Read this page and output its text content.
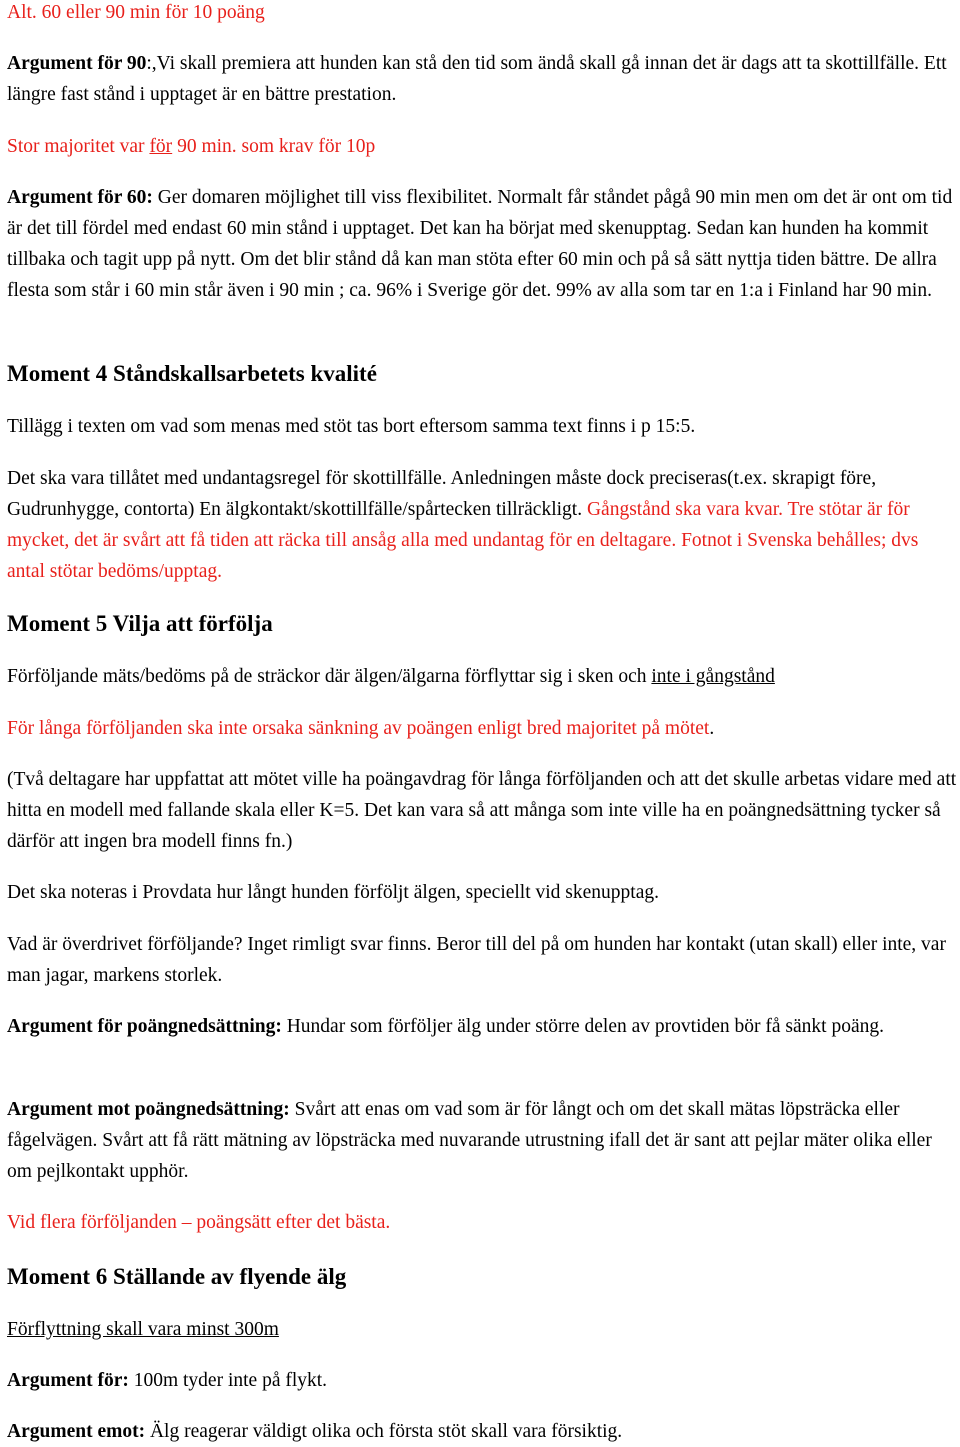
Alt. 60 eller 90 min för 10 poäng

Argument för 90:,Vi skall premiera att hunden kan stå den tid som ändå skall gå innan det är dags att ta skottillfälle. Ett längre fast stånd i upptaget är en bättre prestation.

Stor majoritet var för 90 min. som krav för 10p

Argument för 60: Ger domaren möjlighet till viss flexibilitet. Normalt får ståndet pågå 90 min men om det är ont om tid är det till fördel med endast 60 min stånd i upptaget. Det kan ha börjat med skenupptag. Sedan kan hunden ha kommit tillbaka och tagit upp på nytt. Om det blir stånd då kan man stöta efter 60 min och på så sätt nyttja tiden bättre. De allra flesta som står i 60 min står även i 90 min ; ca. 96% i Sverige gör det. 99% av alla som tar en 1:a i Finland har 90 min.

Moment 4 Ståndskallsarbetets kvalité

Tillägg i texten om vad som menas med stöt tas bort eftersom samma text finns i p 15:5.

Det ska vara tillåtet med undantagsregel för skottillfälle. Anledningen måste dock preciseras(t.ex. skrapigt före, Gudrunhygge, contorta) En älgkontakt/skottillfälle/spårtecken tillräckligt. Gångstånd ska vara kvar. Tre stötar är för mycket, det är svårt att få tiden att räcka till ansåg alla med undantag för en deltagare. Fotnot i Svenska behålles; dvs antal stötar bedöms/upptag.

Moment 5 Vilja att förfölja

Förföljande mäts/bedöms på de sträckor där älgen/älgarna förflyttar sig i sken och inte i gångstånd

För långa förföljanden ska inte orsaka sänkning av poängen enligt bred majoritet på mötet.

(Två deltagare har uppfattat att mötet ville ha poängavdrag för långa förföljanden och att det skulle arbetas vidare med att hitta en modell med fallande skala eller K=5. Det kan vara så att många som inte ville ha en poängnedsättning tycker så därför att ingen bra modell finns fn.)

Det ska noteras i Provdata hur långt hunden förföljt älgen, speciellt vid skenupptag.

Vad är överdrivet förföljande? Inget rimligt svar finns. Beror till del på om hunden har kontakt (utan skall) eller inte, var man jagar, markens storlek.

Argument för poängnedsättning: Hundar som förföljer älg under större delen av provtiden bör få sänkt poäng.

Argument mot poängnedsättning: Svårt att enas om vad som är för långt och om det skall mätas löpsträcka eller fågelvägen. Svårt att få rätt mätning av löpsträcka med nuvarande utrustning ifall det är sant att pejlar mäter olika eller om pejlkontakt upphör.

Vid flera förföljanden – poängsätt efter det bästa.

Moment 6 Ställande av flyende älg

Förflyttning skall vara minst 300m

Argument för: 100m tyder inte på flykt.

Argument emot: Älg reagerar väldigt olika och första stöt skall vara försiktig.
